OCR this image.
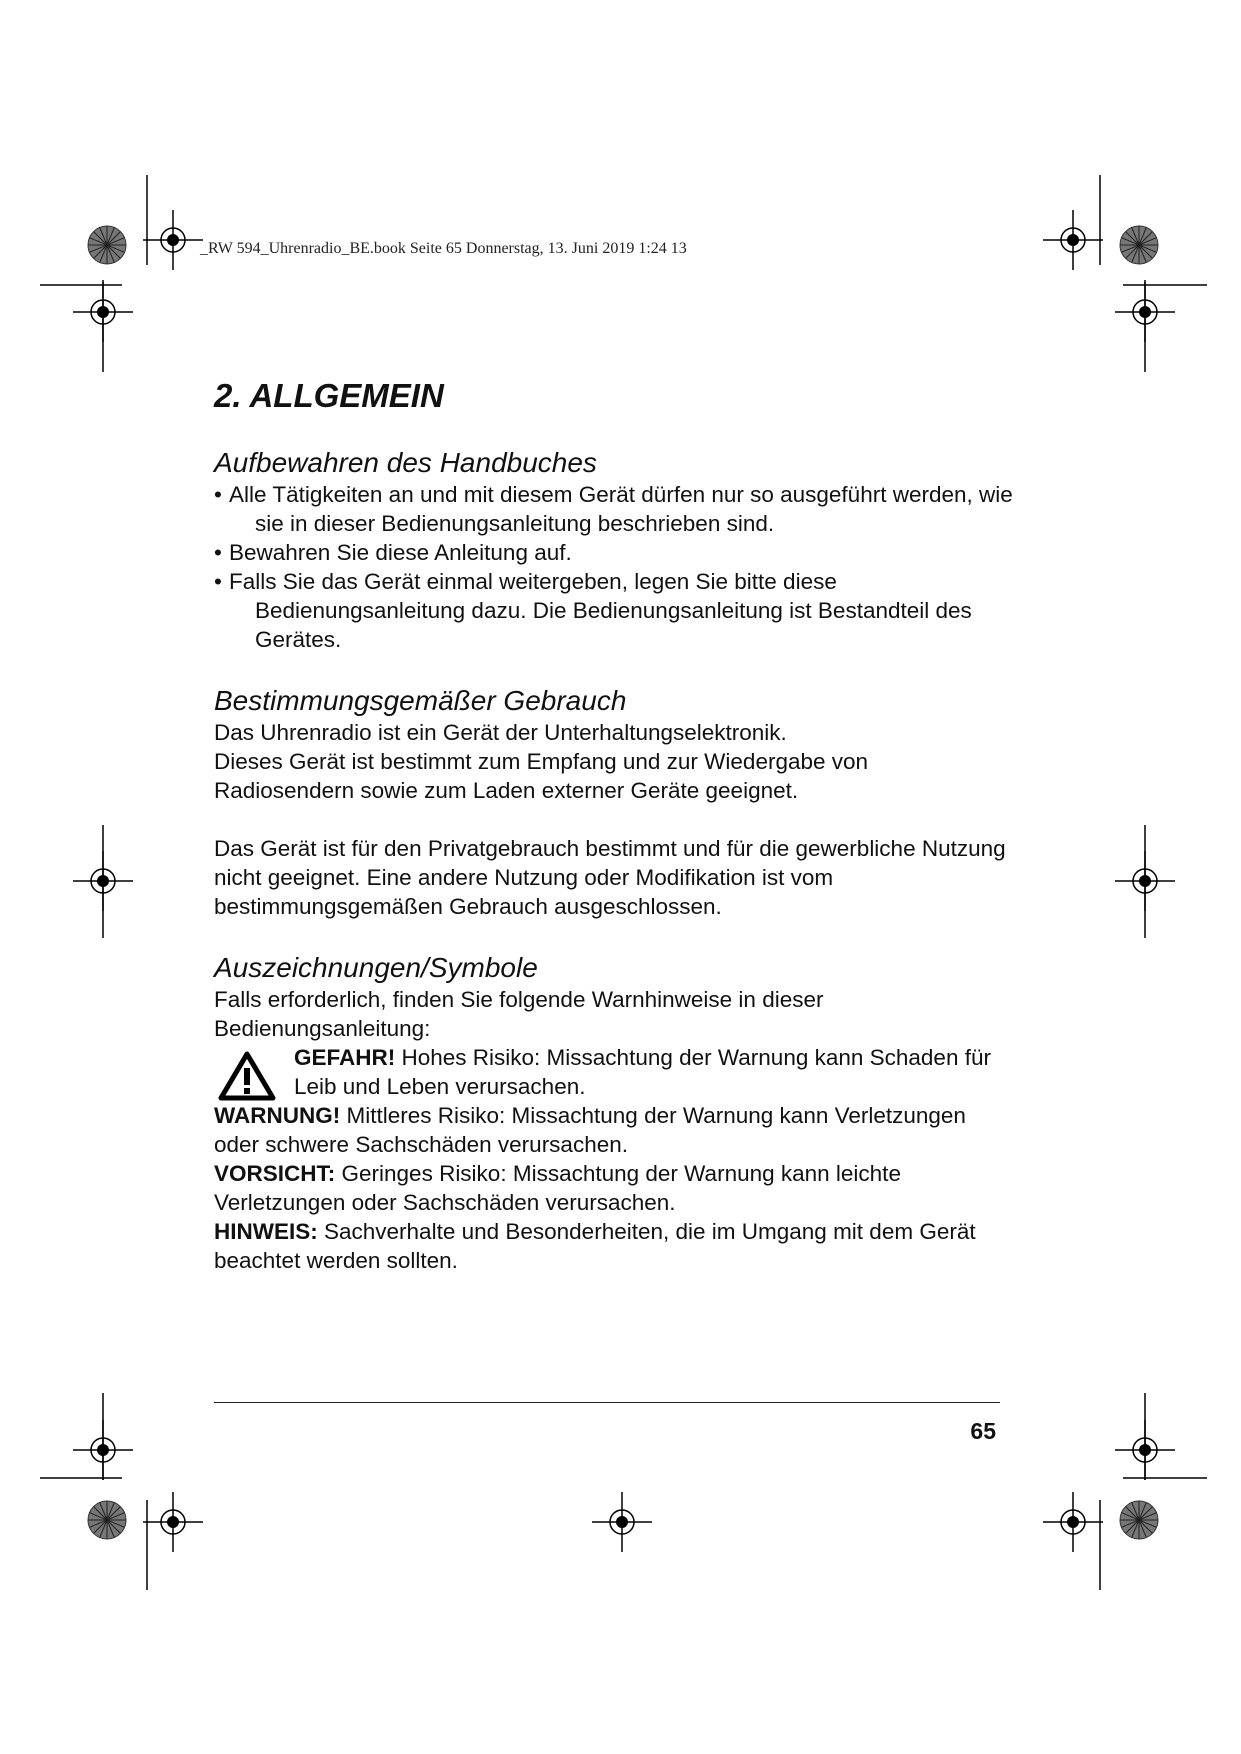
_RW 594_Uhrenradio_BE.book Seite 65 Donnerstag, 13. Juni 2019 1:24 13
2. ALLGEMEIN
Aufbewahren des Handbuches
• Alle Tätigkeiten an und mit diesem Gerät dürfen nur so ausgeführt werden, wie sie in dieser Bedienungsanleitung beschrieben sind.
• Bewahren Sie diese Anleitung auf.
• Falls Sie das Gerät einmal weitergeben, legen Sie bitte diese Bedienungsanleitung dazu. Die Bedienungsanleitung ist Bestandteil des Gerätes.
Bestimmungsgemäßer Gebrauch

Das Uhrenradio ist ein Gerät der Unterhaltungselektronik.

Dieses Gerät ist bestimmt zum Empfang und zur Wiedergabe von Radiosendern sowie zum Laden externer Geräte geeignet.

Das Gerät ist für den Privatgebrauch bestimmt und für die gewerbliche Nutzung nicht geeignet. Eine andere Nutzung oder Modifikation ist vom bestimmungsgemäßen Gebrauch ausgeschlossen.

Auszeichnungen/Symbole

Falls erforderlich, finden Sie folgende Warnhinweise in dieser Bedienungsanleitung:

GEFAHR! Hohes Risiko: Missachtung der Warnung kann Schaden für Leib und Leben verursachen.

WARNUNG! Mittleres Risiko: Missachtung der Warnung kann Verletzungen oder schwere Sachschäden verursachen.

VORSICHT: Geringes Risiko: Missachtung der Warnung kann leichte Verletzungen oder Sachschäden verursachen.

HINWEIS: Sachverhalte und Besonderheiten, die im Umgang mit dem Gerät beachtet werden sollten.

65
